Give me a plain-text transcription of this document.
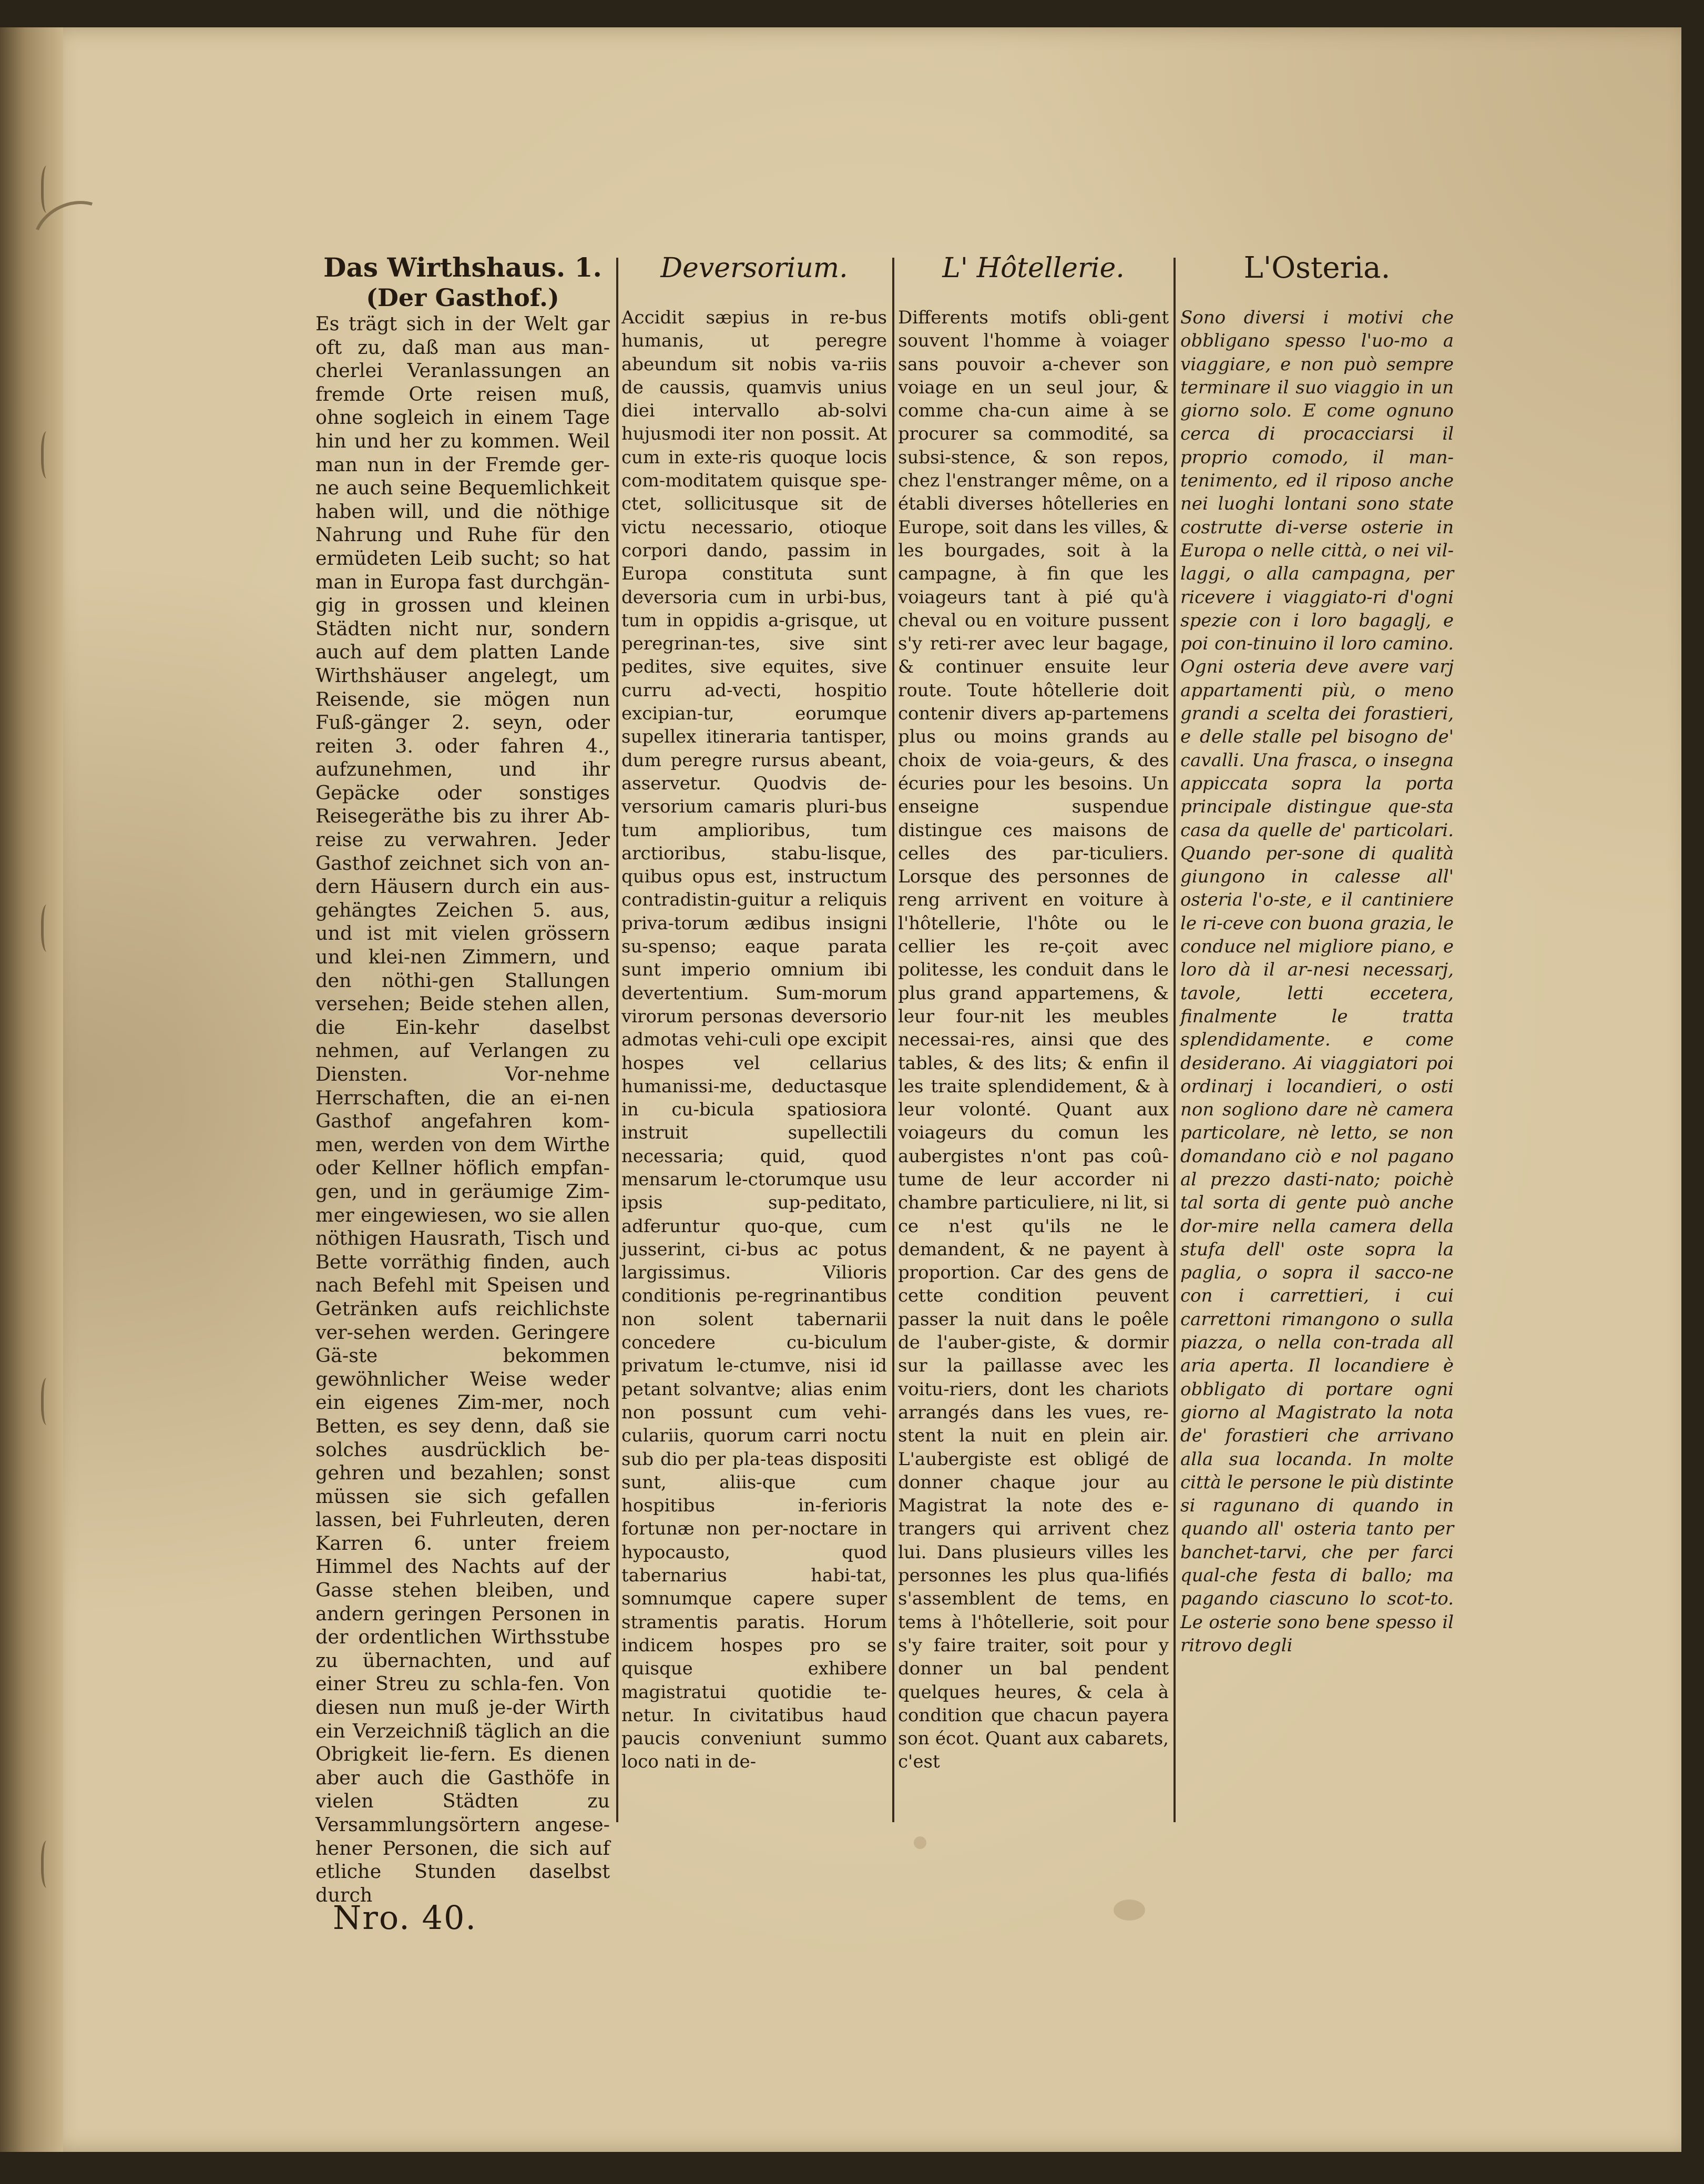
Das Wirthshaus. 1.
(Der Gasthof.)

Es trägt sich in der Welt gar oft zu, daß man aus man-cherlei Veranlassungen an fremde Orte reisen muß, ohne sogleich in einem Tage hin und her zu kommen. Weil man nun in der Fremde ger-ne auch seine Bequemlichkeit haben will, und die nöthige Nahrung und Ruhe für den ermüdeten Leib sucht; so hat man in Europa fast durchgän-gig in grossen und kleinen Städten nicht nur, sondern auch auf dem platten Lande Wirthshäuser angelegt, um Reisende, sie mögen nun Fuß-gänger 2. seyn, oder reiten 3. oder fahren 4., aufzunehmen, und ihr Gepäcke oder sonstiges Reisegeräthe bis zu ihrer Ab-reise zu verwahren. Jeder Gasthof zeichnet sich von an-dern Häusern durch ein aus-gehängtes Zeichen 5. aus, und ist mit vielen grössern und klei-nen Zimmern, und den nöthi-gen Stallungen versehen; Beide stehen allen, die Ein-kehr daselbst nehmen, auf Verlangen zu Diensten. Vor-nehme Herrschaften, die an ei-nen Gasthof angefahren kom-men, werden von dem Wirthe oder Kellner höflich empfan-gen, und in geräumige Zim-mer eingewiesen, wo sie allen nöthigen Hausrath, Tisch und Bette vorräthig finden, auch nach Befehl mit Speisen und Getränken aufs reichlichste ver-sehen werden. Geringere Gä-ste bekommen gewöhnlicher Weise weder ein eigenes Zim-mer, noch Betten, es sey denn, daß sie solches ausdrücklich be-gehren und bezahlen; sonst müssen sie sich gefallen lassen, bei Fuhrleuten, deren Karren 6. unter freiem Himmel des Nachts auf der Gasse stehen bleiben, und andern geringen Personen in der ordentlichen Wirthsstube zu übernachten, und auf einer Streu zu schla-fen. Von diesen nun muß je-der Wirth ein Verzeichniß täglich an die Obrigkeit lie-fern. Es dienen aber auch die Gasthöfe in vielen Städten zu Versammlungsörtern angese-hener Personen, die sich auf etliche Stunden daselbst durch

Deversorium.

Accidit sæpius in re-bus humanis, ut peregre abeundum sit nobis va-riis de caussis, quamvis unius diei intervallo ab-solvi hujusmodi iter non possit. At cum in exte-ris quoque locis com-moditatem quisque spe-ctet, sollicitusque sit de victu necessario, otioque corpori dando, passim in Europa constituta sunt deversoria cum in urbi-bus, tum in oppidis a-grisque, ut peregrinan-tes, sive sint pedites, sive equites, sive curru ad-vecti, hospitio excipian-tur, eorumque supellex itineraria tantisper, dum peregre rursus abeant, asservetur. Quodvis de-versorium camaris pluri-bus tum amplioribus, tum arctioribus, stabu-lisque, quibus opus est, instructum contradistin-guitur a reliquis priva-torum ædibus insigni su-spenso; eaque parata sunt imperio omnium ibi devertentium. Sum-morum virorum personas deversorio admotas vehi-culi ope excipit hospes vel cellarius humanissi-me, deductasque in cu-bicula spatiosiora instruit supellectili necessaria; quid, quod mensarum le-ctorumque usu ipsis sup-peditato, adferuntur quo-que, cum jusserint, ci-bus ac potus largissimus. Vilioris conditionis pe-regrinantibus non solent tabernarii concedere cu-biculum privatum le-ctumve, nisi id petant solvantve; alias enim non possunt cum vehi-culariis, quorum carri noctu sub dio per pla-teas dispositi sunt, aliis-que cum hospitibus in-ferioris fortunæ non per-noctare in hypocausto, quod tabernarius habi-tat, somnumque capere super stramentis paratis. Horum indicem hospes pro se quisque exhibere magistratui quotidie te-netur. In civitatibus haud paucis conveniunt summo loco nati in de-

L' Hôtellerie.

Differents motifs obli-gent souvent l'homme à voiager sans pouvoir a-chever son voiage en un seul jour, & comme cha-cun aime à se procurer sa commodité, sa subsi-stence, & son repos, chez l'enstranger même, on a établi diverses hôtelleries en Europe, soit dans les villes, & les bourgades, soit à la campagne, à fin que les voiageurs tant à pié qu'à cheval ou en voiture pussent s'y reti-rer avec leur bagage, & continuer ensuite leur route. Toute hôtellerie doit contenir divers ap-partemens plus ou moins grands au choix de voia-geurs, & des écuries pour les besoins. Un enseigne suspendue distingue ces maisons de celles des par-ticuliers. Lorsque des personnes de reng arrivent en voiture à l'hôtellerie, l'hôte ou le cellier les re-çoit avec politesse, les conduit dans le plus grand appartemens, & leur four-nit les meubles necessai-res, ainsi que des tables, & des lits; & enfin il les traite splendidement, & à leur volonté. Quant aux voiageurs du comun les aubergistes n'ont pas coû-tume de leur accorder ni chambre particuliere, ni lit, si ce n'est qu'ils ne le demandent, & ne payent à proportion. Car des gens de cette condition peuvent passer la nuit dans le poêle de l'auber-giste, & dormir sur la paillasse avec les voitu-riers, dont les chariots arrangés dans les vues, re-stent la nuit en plein air. L'aubergiste est obligé de donner chaque jour au Magistrat la note des e-trangers qui arrivent chez lui. Dans plusieurs villes les personnes les plus qua-lifiés s'assemblent de tems, en tems à l'hôtellerie, soit pour s'y faire traiter, soit pour y donner un bal pendent quelques heures, & cela à condition que chacun payera son écot. Quant aux cabarets, c'est

L'Osteria.

Sono diversi i motivi che obbligano spesso l'uo-mo a viaggiare, e non può sempre terminare il suo viaggio in un giorno solo. E come ognuno cerca di procacciarsi il proprio comodo, il man-tenimento, ed il riposo anche nei luoghi lontani sono state costrutte di-verse osterie in Europa o nelle città, o nei vil-laggi, o alla campagna, per ricevere i viaggiato-ri d'ogni spezie con i loro bagaglj, e poi con-tinuino il loro camino. Ogni osteria deve avere varj appartamenti più, o meno grandi a scelta dei forastieri, e delle stalle pel bisogno de' cavalli. Una frasca, o insegna appiccata sopra la porta principale distingue que-sta casa da quelle de' particolari. Quando per-sone di qualità giungono in calesse all' osteria l'o-ste, e il cantiniere le ri-ceve con buona grazia, le conduce nel migliore piano, e loro dà il ar-nesi necessarj, tavole, letti eccetera, finalmente le tratta splendidamente. e come desiderano. Ai viaggiatori poi ordinarj i locandieri, o osti non sogliono dare nè camera particolare, nè letto, se non domandano ciò e nol pagano al prezzo dasti-nato; poichè tal sorta di gente può anche dor-mire nella camera della stufa dell' oste sopra la paglia, o sopra il sacco-ne con i carrettieri, i cui carrettoni rimangono o sulla piazza, o nella con-trada all aria aperta. Il locandiere è obbligato di portare ogni giorno al Magistrato la nota de' forastieri che arrivano alla sua locanda. In molte città le persone le più distinte si ragunano di quando in quando all' osteria tanto per banchet-tarvi, che per farci qual-che festa di ballo; ma pagando ciascuno lo scot-to. Le osterie sono bene spesso il ritrovo degli

Nro. 40.
